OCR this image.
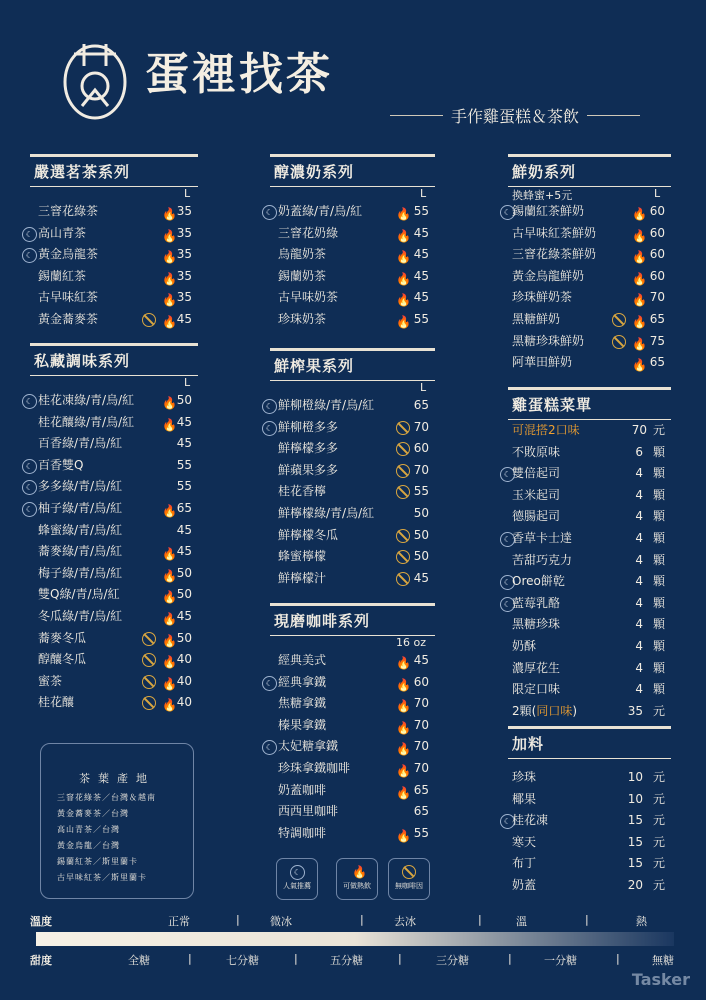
蛋裡找茶
手作雞蛋糕＆茶飲
嚴選茗茶系列
L
三窨花綠茶	🔥 35
☾ 高山青茶	🔥 35
☾ 黃金烏龍茶	🔥 35
錫蘭紅茶	🔥 35
古早味紅茶	🔥 35
黃金蕎麥茶	🔥 45
私藏調味系列
L
☾ 桂花凍綠/青/烏/紅 🔥 50
桂花釀綠/青/烏/紅 🔥 45
百香綠/青/烏/紅	45
☾ 百香雙Q	55
☾ 多多綠/青/烏/紅	55
☾ 柚子綠/青/烏/紅	🔥 65
蜂蜜綠/青/烏/紅	45
蕎麥綠/青/烏/紅	🔥 45
梅子綠/青/烏/紅	🔥 50
雙Q綠/青/烏/紅	🔥 50
冬瓜綠/青/烏/紅	🔥 45
蕎麥冬瓜	🔥 50
醇釀冬瓜	🔥 40
蜜茶	🔥 40
桂花釀	🔥 40
醇濃奶系列
L
☾ 奶蓋綠/青/烏/紅	🔥 55
三窨花奶綠	🔥 45
烏龍奶茶	🔥 45
錫蘭奶茶	🔥 45
古早味奶茶	🔥 45
珍珠奶茶	🔥 55
鮮榨果系列
L
☾ 鮮柳橙綠/青/烏/紅	65
☾ 鮮柳橙多多	70
鮮檸檬多多	60
鮮蘋果多多	70
桂花香檸	55
鮮檸檬綠/青/烏/紅	50
鮮檸檬冬瓜	50
蜂蜜檸檬	50
鮮檸檬汁	45
現磨咖啡系列
16 oz
經典美式	🔥 45
☾ 經典拿鐵	🔥 60
焦糖拿鐵	🔥 70
榛果拿鐵	🔥 70
☾ 太妃糖拿鐵	🔥 70
珍珠拿鐵咖啡	🔥 70
奶蓋咖啡	🔥 65
西西里咖啡	65
特調咖啡	🔥 55
鮮奶系列
換蜂蜜+5元	L
☾ 錫蘭紅茶鮮奶	🔥 60
古早味紅茶鮮奶	🔥 60
三窨花綠茶鮮奶	🔥 60
黃金烏龍鮮奶	🔥 60
珍珠鮮奶茶	🔥 70
黑糖鮮奶	🔥 65
黑糖珍珠鮮奶	🔥 75
阿華田鮮奶	🔥 65
雞蛋糕菜單
可混搭2口味	70 元
不敗原味	6 顆
☾ 雙倍起司	4 顆
玉米起司	4 顆
德腸起司	4 顆
☾ 香草卡士達	4 顆
苦甜巧克力	4 顆
☾ Oreo餅乾	4 顆
☾ 藍莓乳酪	4 顆
黑糖珍珠	4 顆
奶酥	4 顆
濃厚花生	4 顆
限定口味	4 顆
2顆(同口味)	35 元
加料
珍珠	10 元
椰果	10 元
☾ 桂花凍	15 元
寒天	15 元
布丁	15 元
奶蓋	20 元
茶葉產地
三窨花綠茶／台灣＆越南
黃金蕎麥茶／台灣
高山青茶／台灣
黃金烏龍／台灣
錫蘭紅茶／斯里蘭卡
古早味紅茶／斯里蘭卡
☾
人氣推薦
🔥
可做熱飲	無咖啡因
溫度	正常	微冰	去冰	溫	熱
|	|	|	|
甜度	全糖	七分糖	五分糖	三分糖	一分糖	無糖
|	|	|	|	|
Tasker
